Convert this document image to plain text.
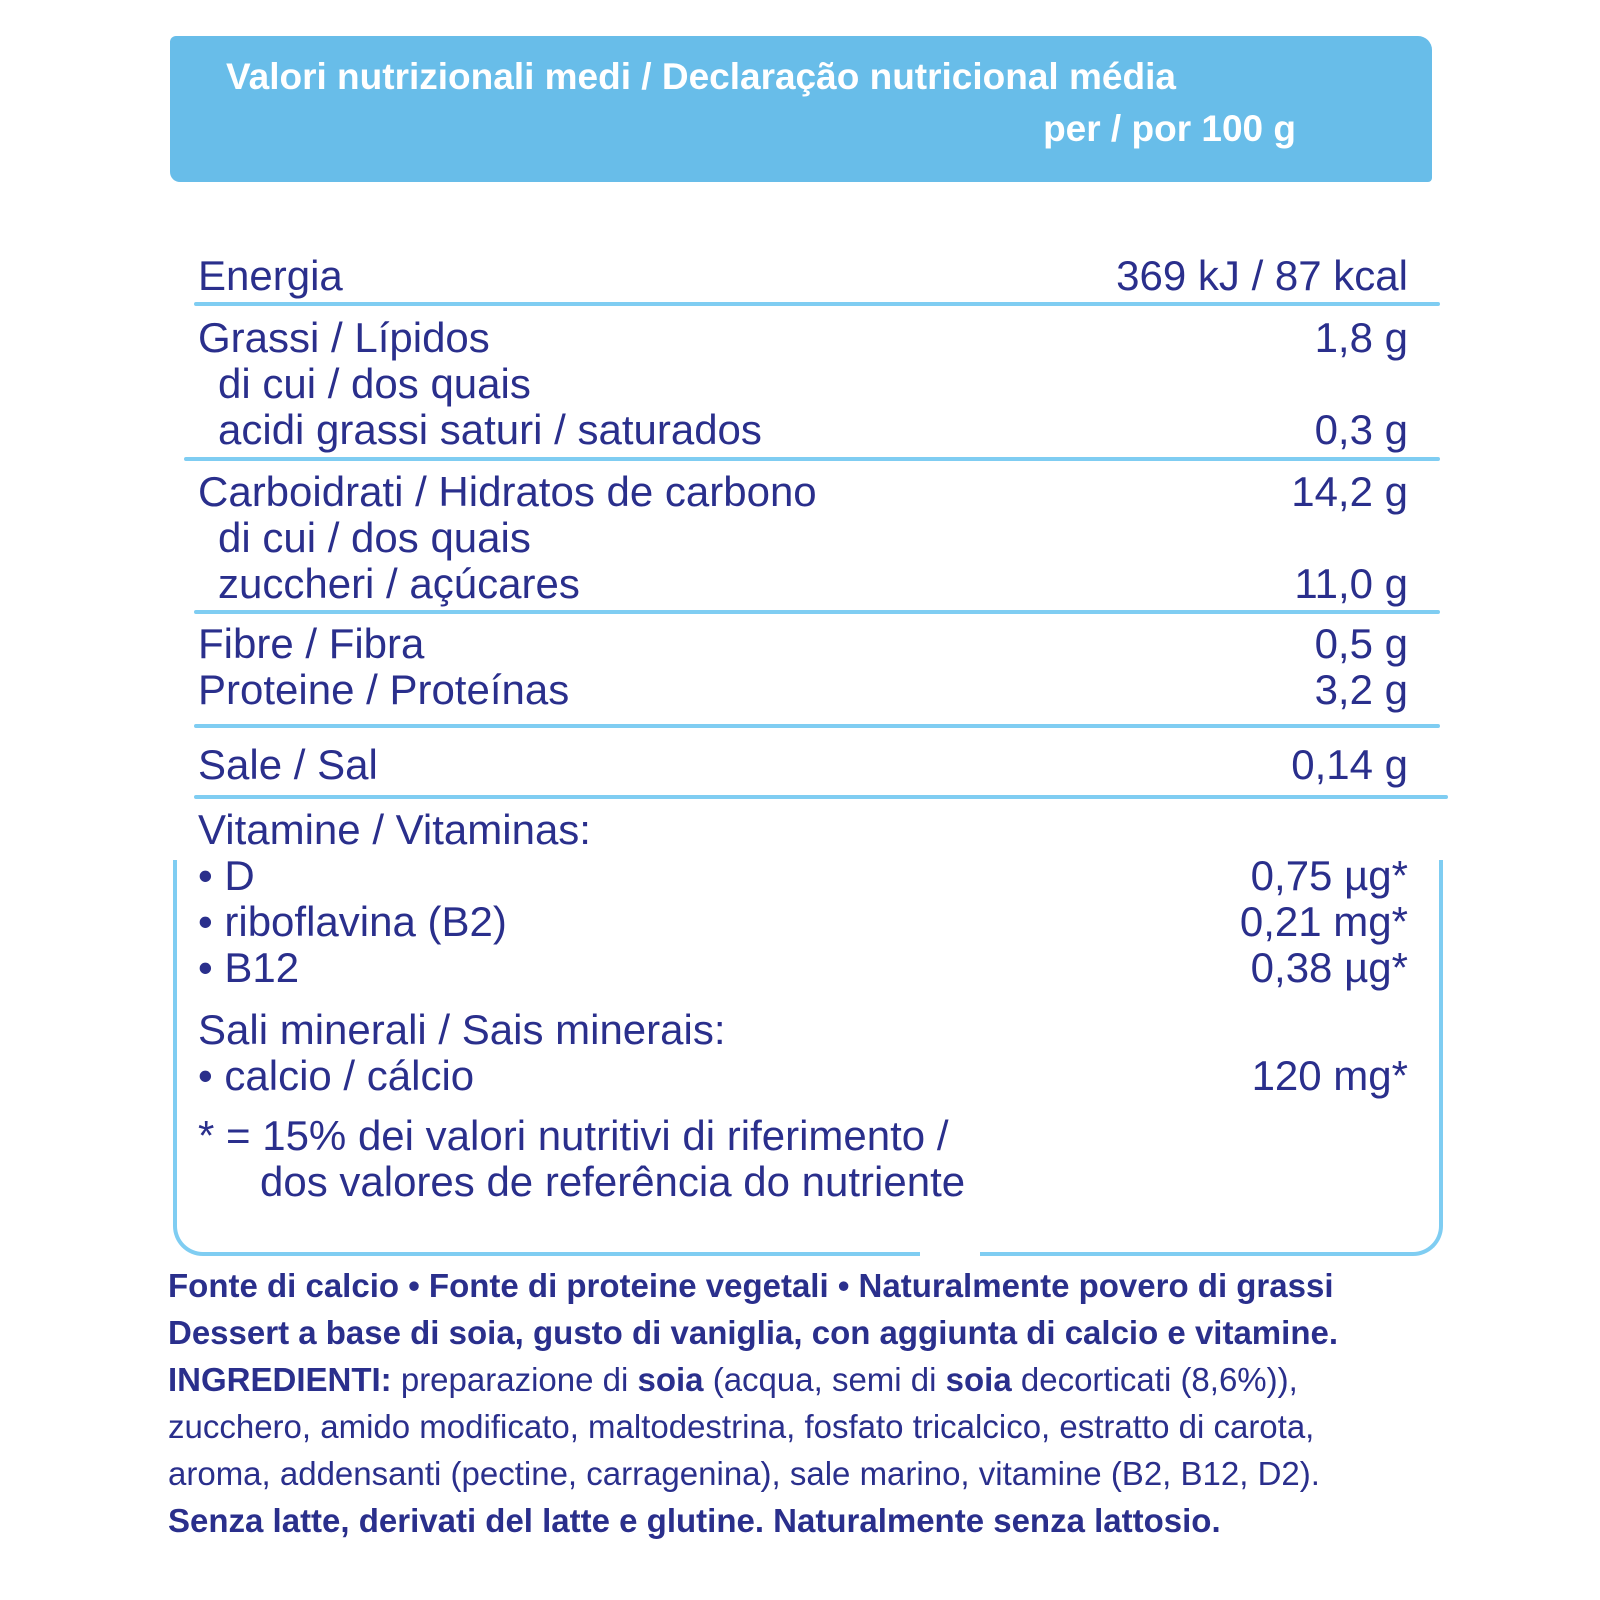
Valori nutrizionali medi / Declaração nutricional média
per / por 100 g
Energia	369 kJ / 87 kcal
Grassi / Lípidos	1,8 g
di cui / dos quais
acidi grassi saturi / saturados	0,3 g
Carboidrati / Hidratos de carbono	14,2 g
di cui / dos quais
zuccheri / açúcares	11,0 g
Fibre / Fibra	0,5 g
Proteine / Proteínas	3,2 g
Sale / Sal	0,14 g
Vitamine / Vitaminas:
• D	0,75 µg*
• riboflavina (B2)	0,21 mg*
• B12	0,38 µg*
Sali minerali / Sais minerais:
• calcio / cálcio	120 mg*
* = 15% dei valori nutritivi di riferimento /
dos valores de referência do nutriente
Fonte di calcio • Fonte di proteine vegetali • Naturalmente povero di grassi
Dessert a base di soia, gusto di vaniglia, con aggiunta di calcio e vitamine.
INGREDIENTI: preparazione di soia (acqua, semi di soia decorticati (8,6%)),
zucchero, amido modificato, maltodestrina, fosfato tricalcico, estratto di carota,
aroma, addensanti (pectine, carragenina), sale marino, vitamine (B2, B12, D2).
Senza latte, derivati del latte e glutine. Naturalmente senza lattosio.
